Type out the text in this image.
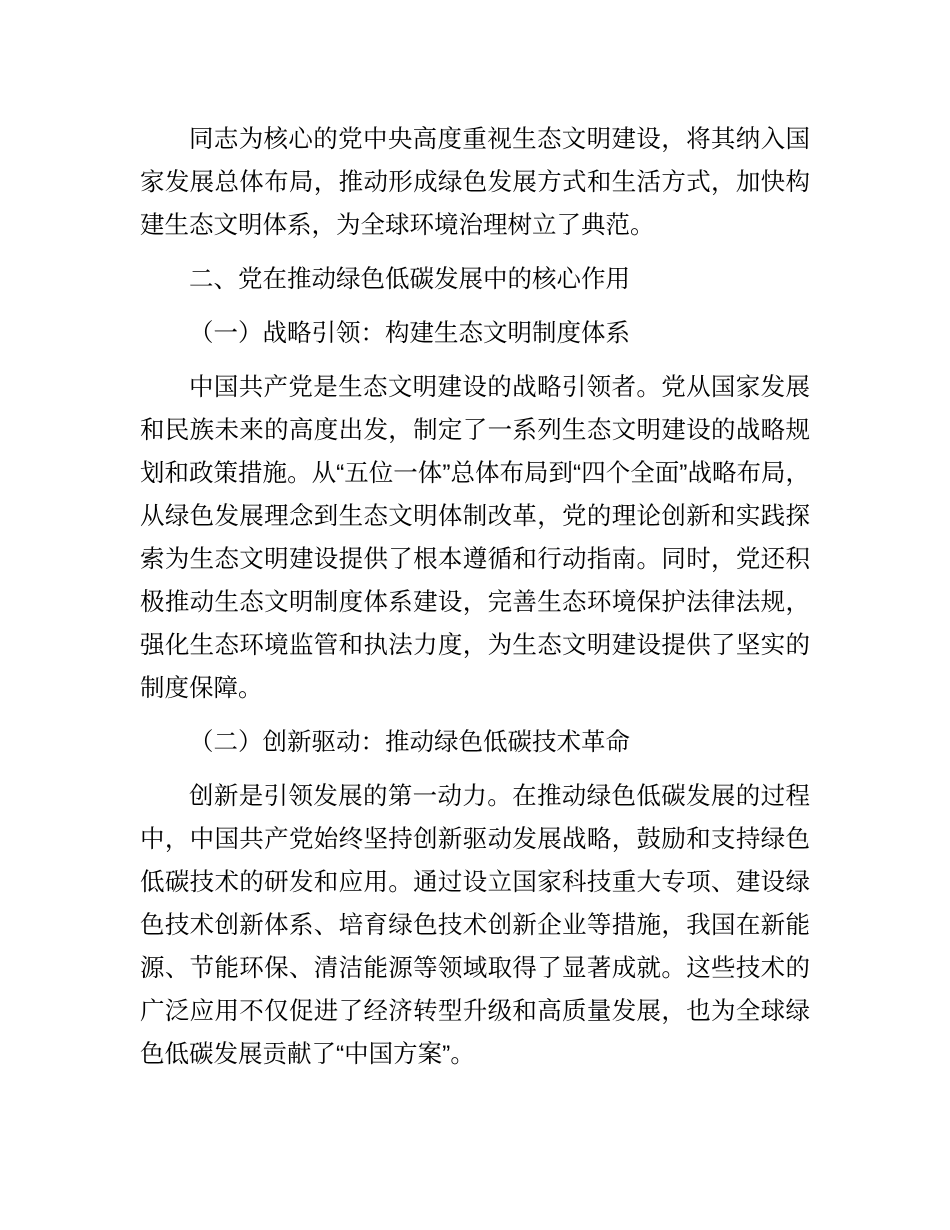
同志为核心的党中央高度重视生态文明建设，将其纳入国家发展总体布局，推动形成绿色发展方式和生活方式，加快构建生态文明体系，为全球环境治理树立了典范。

二、党在推动绿色低碳发展中的核心作用

（一）战略引领：构建生态文明制度体系

中国共产党是生态文明建设的战略引领者。党从国家发展和民族未来的高度出发，制定了一系列生态文明建设的战略规划和政策措施。从“五位一体”总体布局到“四个全面”战略布局，从绿色发展理念到生态文明体制改革，党的理论创新和实践探索为生态文明建设提供了根本遵循和行动指南。同时，党还积极推动生态文明制度体系建设，完善生态环境保护法律法规，强化生态环境监管和执法力度，为生态文明建设提供了坚实的制度保障。

（二）创新驱动：推动绿色低碳技术革命

创新是引领发展的第一动力。在推动绿色低碳发展的过程中，中国共产党始终坚持创新驱动发展战略，鼓励和支持绿色低碳技术的研发和应用。通过设立国家科技重大专项、建设绿色技术创新体系、培育绿色技术创新企业等措施，我国在新能源、节能环保、清洁能源等领域取得了显著成就。这些技术的广泛应用不仅促进了经济转型升级和高质量发展，也为全球绿色低碳发展贡献了“中国方案”。
